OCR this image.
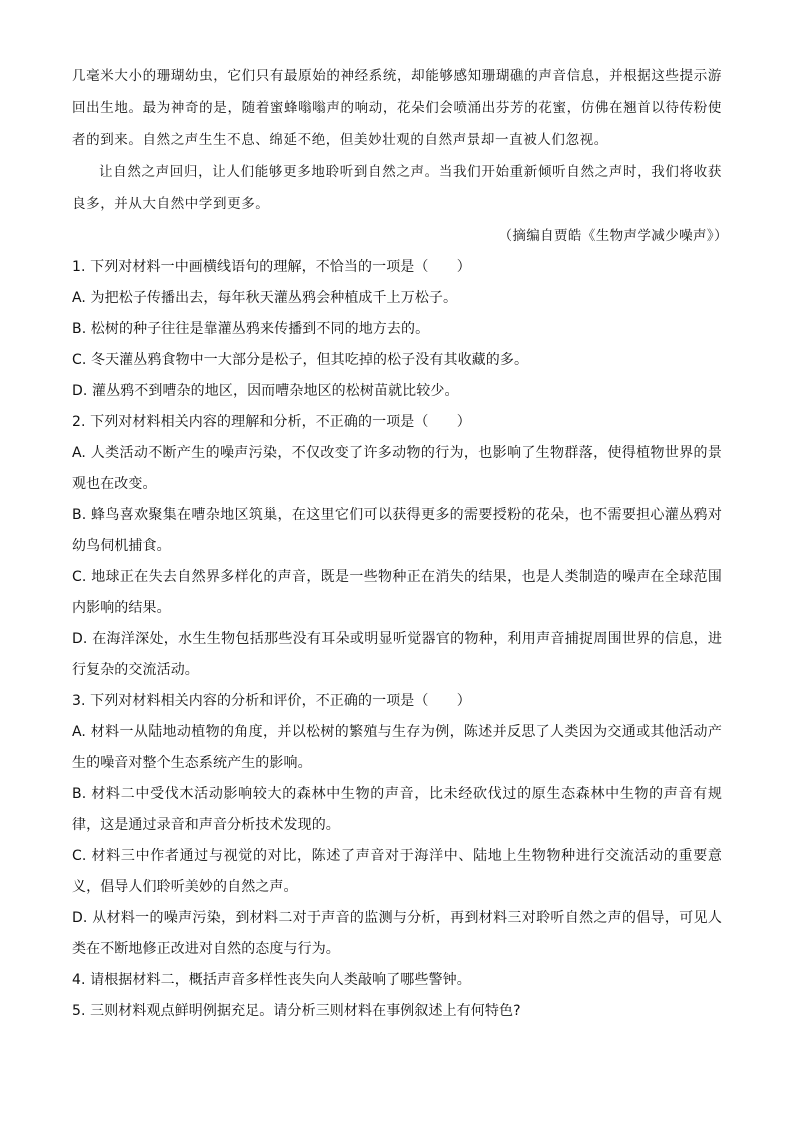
几毫米大小的珊瑚幼虫，它们只有最原始的神经系统，却能够感知珊瑚礁的声音信息，并根据这些提示游回出生地。最为神奇的是，随着蜜蜂嗡嗡声的响动，花朵们会喷涌出芬芳的花蜜，仿佛在翘首以待传粉使者的到来。自然之声生生不息、绵延不绝，但美妙壮观的自然声景却一直被人们忽视。

让自然之声回归，让人们能够更多地聆听到自然之声。当我们开始重新倾听自然之声时，我们将收获良多，并从大自然中学到更多。

（摘编自贾皓《生物声学减少噪声》）

1. 下列对材料一中画横线语句的理解，不恰当的一项是（　　）

A. 为把松子传播出去，每年秋天灌丛鸦会种植成千上万松子。

B. 松树的种子往往是靠灌丛鸦来传播到不同的地方去的。

C. 冬天灌丛鸦食物中一大部分是松子，但其吃掉的松子没有其收藏的多。

D. 灌丛鸦不到嘈杂的地区，因而嘈杂地区的松树苗就比较少。

2. 下列对材料相关内容的理解和分析，不正确的一项是（　　）

A. 人类活动不断产生的噪声污染，不仅改变了许多动物的行为，也影响了生物群落，使得植物世界的景观也在改变。

B. 蜂鸟喜欢聚集在嘈杂地区筑巢，在这里它们可以获得更多的需要授粉的花朵，也不需要担心灌丛鸦对幼鸟伺机捕食。

C. 地球正在失去自然界多样化的声音，既是一些物种正在消失的结果，也是人类制造的噪声在全球范围内影响的结果。

D. 在海洋深处，水生生物包括那些没有耳朵或明显听觉器官的物种，利用声音捕捉周围世界的信息，进行复杂的交流活动。

3. 下列对材料相关内容的分析和评价，不正确的一项是（　　）

A. 材料一从陆地动植物的角度，并以松树的繁殖与生存为例，陈述并反思了人类因为交通或其他活动产生的噪音对整个生态系统产生的影响。

B. 材料二中受伐木活动影响较大的森林中生物的声音，比未经砍伐过的原生态森林中生物的声音有规律，这是通过录音和声音分析技术发现的。

C. 材料三中作者通过与视觉的对比，陈述了声音对于海洋中、陆地上生物物种进行交流活动的重要意义，倡导人们聆听美妙的自然之声。

D. 从材料一的噪声污染，到材料二对于声音的监测与分析，再到材料三对聆听自然之声的倡导，可见人类在不断地修正改进对自然的态度与行为。

4. 请根据材料二，概括声音多样性丧失向人类敲响了哪些警钟。

5. 三则材料观点鲜明例据充足。请分析三则材料在事例叙述上有何特色?
